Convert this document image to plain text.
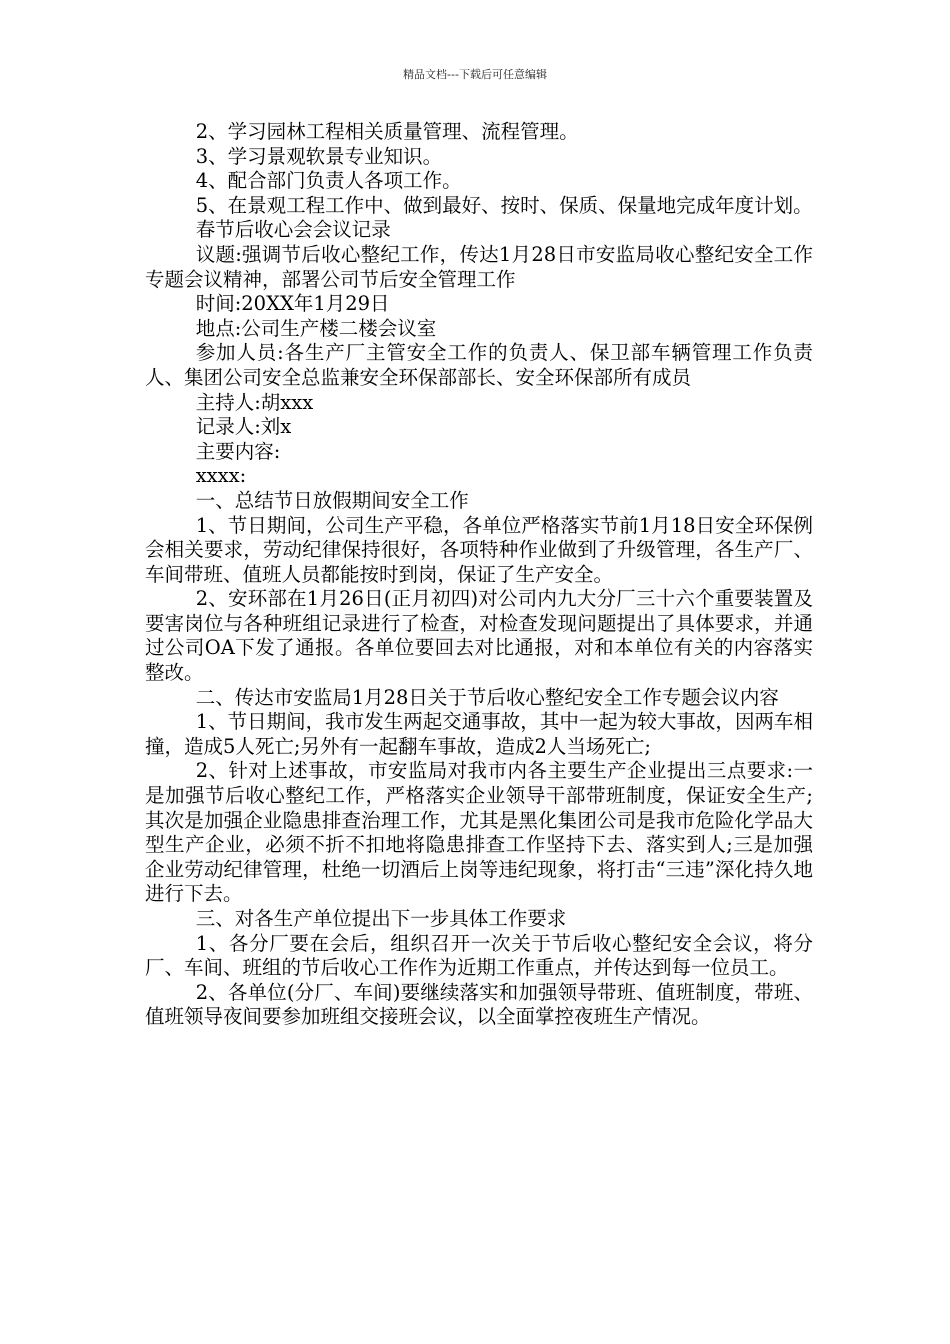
精品文档---下载后可任意编辑

2、学习园林工程相关质量管理、流程管理。

3、学习景观软景专业知识。

4、配合部门负责人各项工作。

5、在景观工程工作中、做到最好、按时、保质、保量地完成年度计划。

春节后收心会会议记录

议题:强调节后收心整纪工作，传达1月28日市安监局收心整纪安全工作专题会议精神，部署公司节后安全管理工作

时间:20XX年1月29日

地点:公司生产楼二楼会议室

参加人员:各生产厂主管安全工作的负责人、保卫部车辆管理工作负责人、集团公司安全总监兼安全环保部部长、安全环保部所有成员

主持人:胡xxx

记录人:刘x

主要内容:

xxxx:

一、总结节日放假期间安全工作

1、节日期间，公司生产平稳，各单位严格落实节前1月18日安全环保例会相关要求，劳动纪律保持很好，各项特种作业做到了升级管理，各生产厂、车间带班、值班人员都能按时到岗，保证了生产安全。

2、安环部在1月26日(正月初四)对公司内九大分厂三十六个重要装置及要害岗位与各种班组记录进行了检查，对检查发现问题提出了具体要求，并通过公司OA下发了通报。各单位要回去对比通报，对和本单位有关的内容落实整改。

二、传达市安监局1月28日关于节后收心整纪安全工作专题会议内容

1、节日期间，我市发生两起交通事故，其中一起为较大事故，因两车相撞，造成5人死亡;另外有一起翻车事故，造成2人当场死亡;

2、针对上述事故，市安监局对我市内各主要生产企业提出三点要求:一是加强节后收心整纪工作，严格落实企业领导干部带班制度，保证安全生产;其次是加强企业隐患排查治理工作，尤其是黑化集团公司是我市危险化学品大型生产企业，必须不折不扣地将隐患排查工作坚持下去、落实到人;三是加强企业劳动纪律管理，杜绝一切酒后上岗等违纪现象，将打击“三违”深化持久地进行下去。

三、对各生产单位提出下一步具体工作要求

1、各分厂要在会后，组织召开一次关于节后收心整纪安全会议，将分厂、车间、班组的节后收心工作作为近期工作重点，并传达到每一位员工。

2、各单位(分厂、车间)要继续落实和加强领导带班、值班制度，带班、值班领导夜间要参加班组交接班会议，以全面掌控夜班生产情况。
